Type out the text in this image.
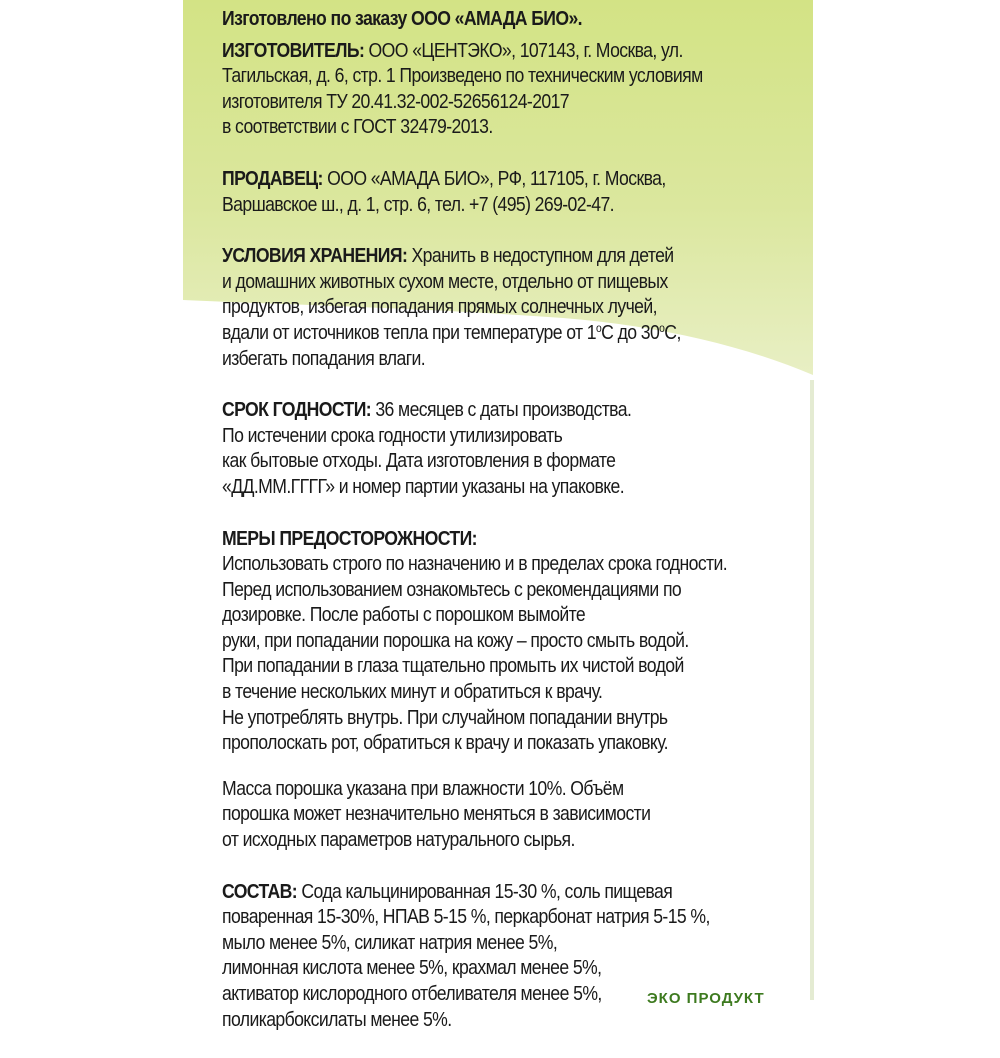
Изготовлено по заказу ООО «АМАДА БИО».
ИЗГОТОВИТЕЛЬ: ООО «ЦЕНТЭКО», 107143, г. Москва, ул.
Тагильская, д. 6, стр. 1 Произведено по техническим условиям
изготовителя ТУ 20.41.32-002-52656124-2017
в соответствии с ГОСТ 32479-2013.
ПРОДАВЕЦ: ООО «АМАДА БИО», РФ, 117105, г. Москва,
Варшавское ш., д. 1, стр. 6, тел. +7 (495) 269-02-47.
УСЛОВИЯ ХРАНЕНИЯ: Хранить в недоступном для детей
и домашних животных сухом месте, отдельно от пищевых
продуктов, избегая попадания прямых солнечных лучей,
вдали от источников тепла при температуре от $1^оС$ до $30^оС$,
избегать попадания влаги.
СРОК ГОДНОСТИ: 36 месяцев с даты производства.
По истечении срока годности утилизировать
как бытовые отходы. Дата изготовления в формате
«ДД.ММ.ГГГГ» и номер партии указаны на упаковке.
МЕРЫ ПРЕДОСТОРОЖНОСТИ:
Использовать строго по назначению и в пределах срока годности.
Перед использованием ознакомьтесь с рекомендациями по
дозировке. После работы с порошком вымойте
руки, при попадании порошка на кожу – просто смыть водой.
При попадании в глаза тщательно промыть их чистой водой
в течение нескольких минут и обратиться к врачу.
Не употреблять внутрь. При случайном попадании внутрь
прополоскать рот, обратиться к врачу и показать упаковку.
Масса порошка указана при влажности 10%. Объём
порошка может незначительно меняться в зависимости
от исходных параметров натурального сырья.
СОСТАВ: Сода кальцинированная 15-30 %, соль пищевая
поваренная 15-30%, НПАВ 5-15 %, перкарбонат натрия 5-15 %,
мыло менее 5%, силикат натрия менее 5%,
лимонная кислота менее 5%, крахмал менее 5%,
активатор кислородного отбеливателя менее 5%,
поликарбоксилаты менее 5%.
ЭКО ПРОДУКТ
